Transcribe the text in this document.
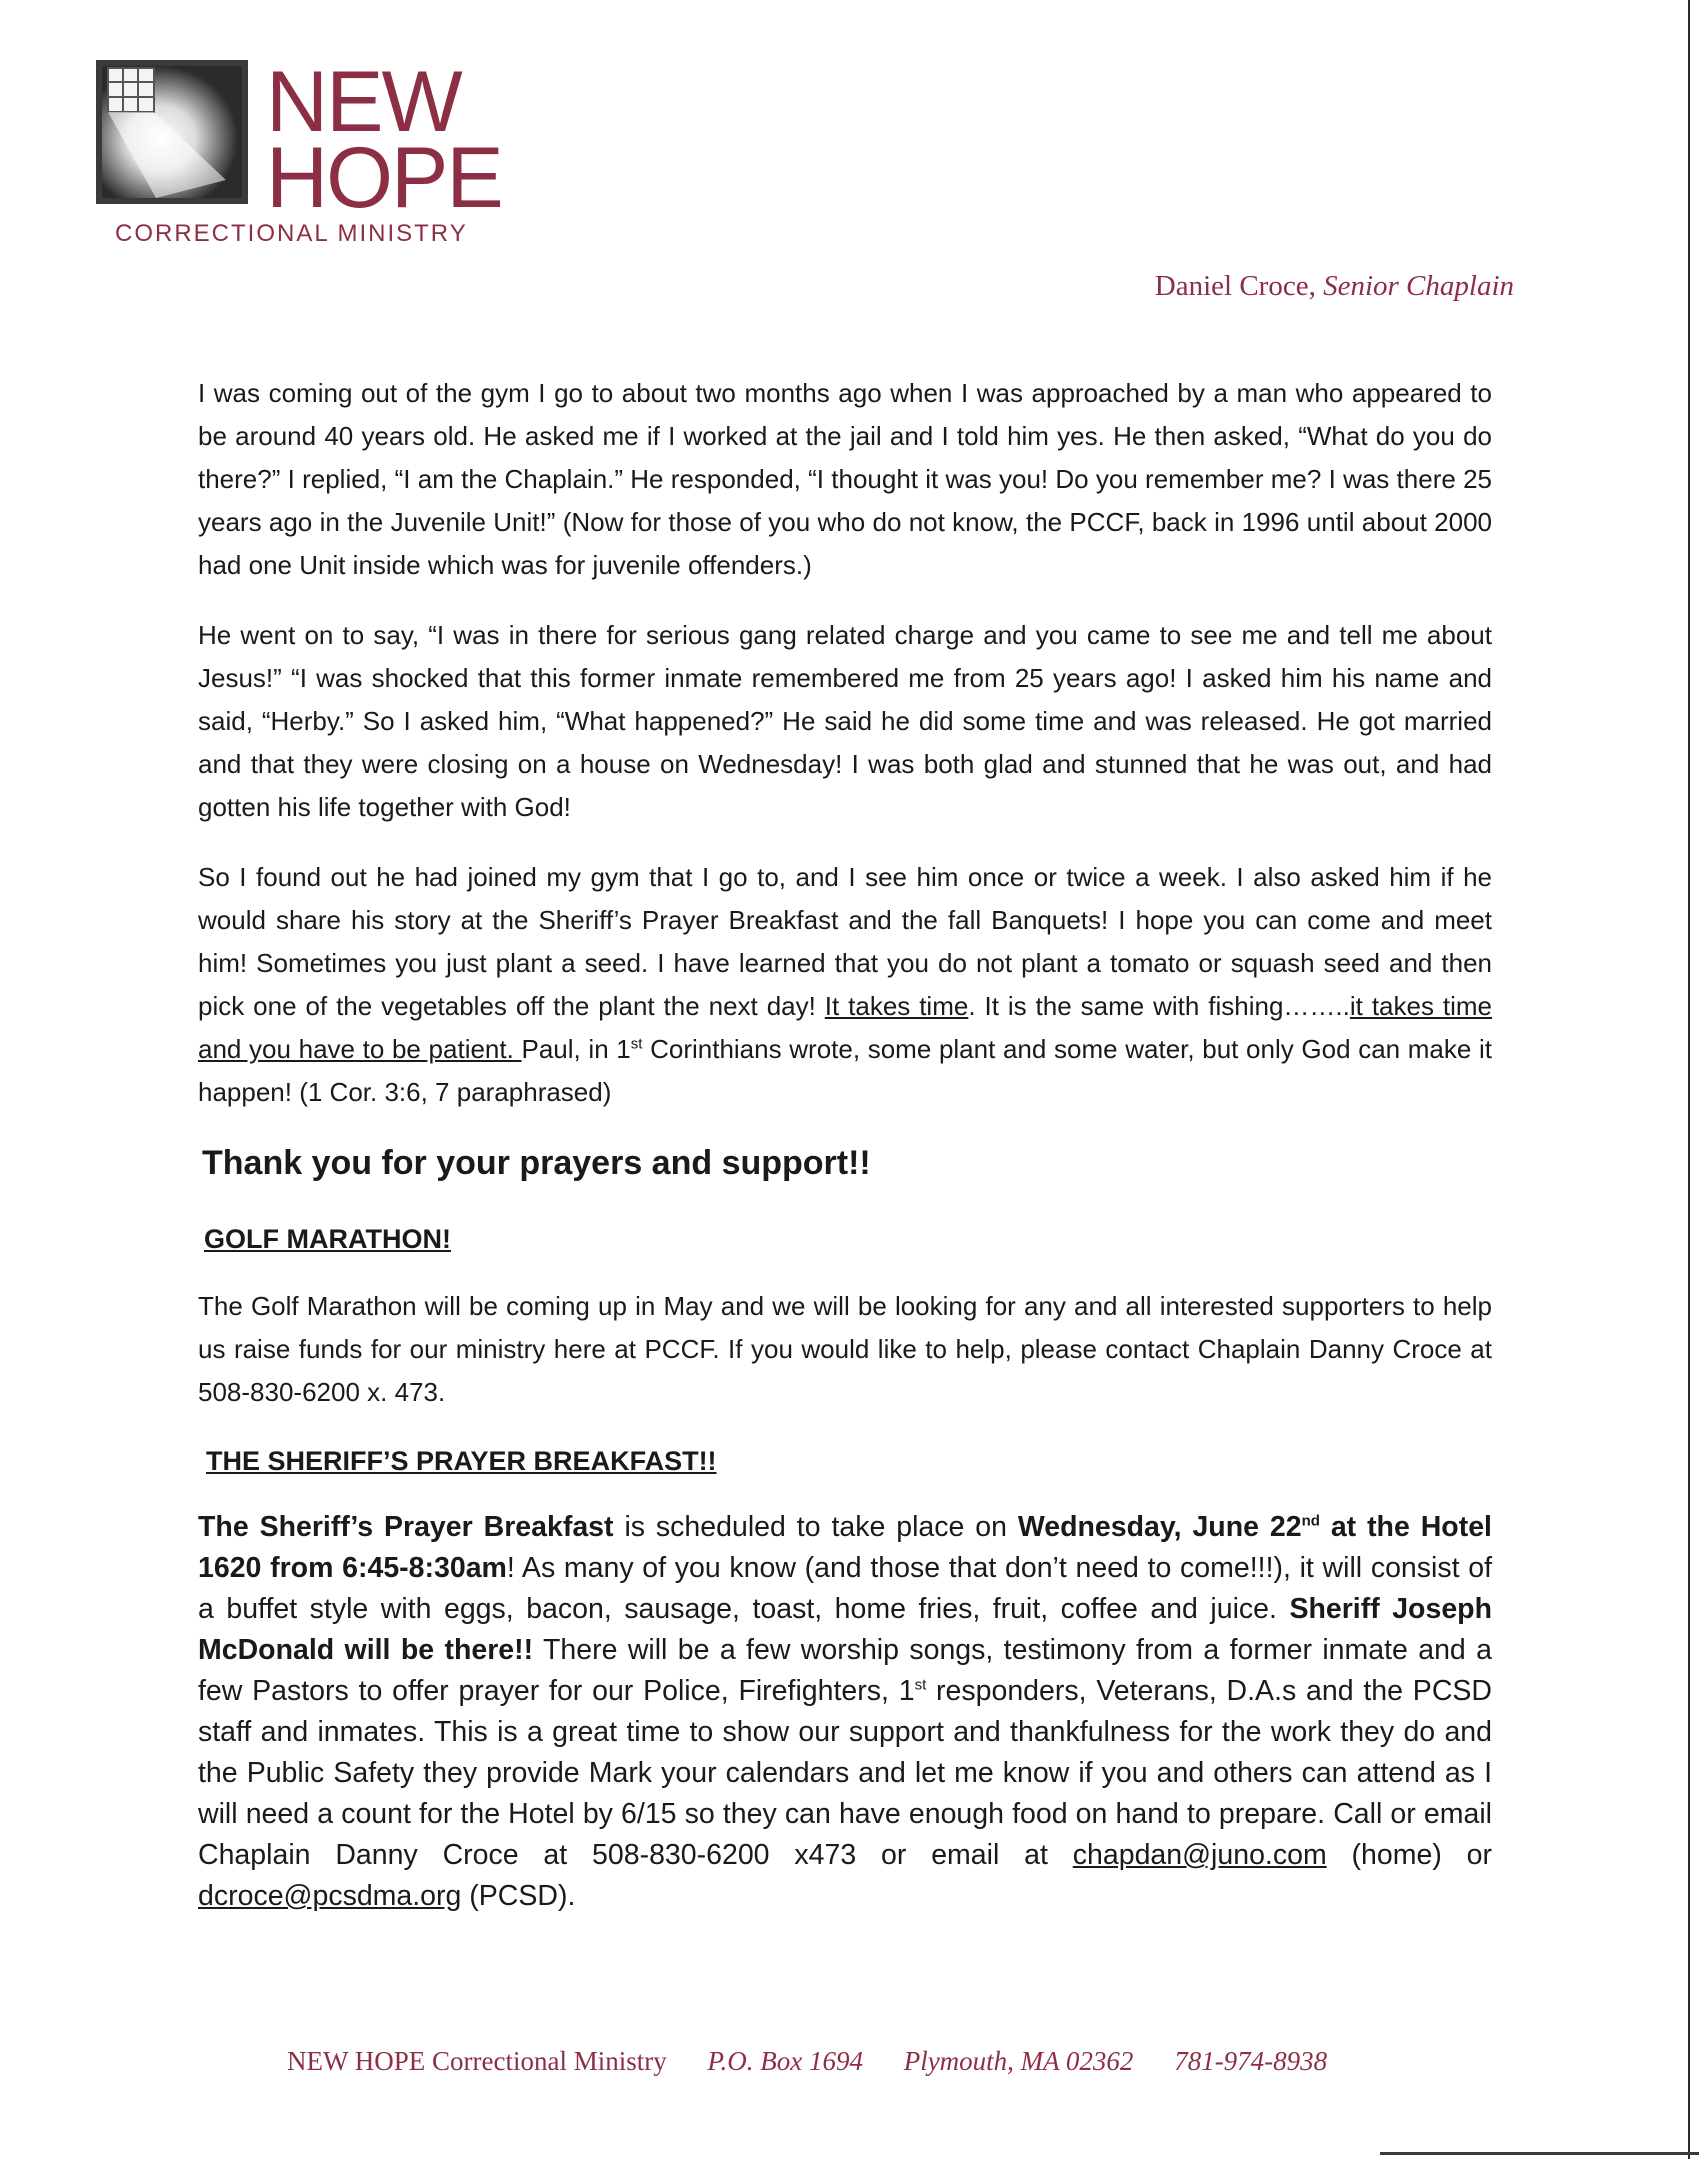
NEW
HOPE
CORRECTIONAL MINISTRY
Daniel Croce, Senior Chaplain

I was coming out of the gym I go to about two months ago when I was approached by a man who appeared to be around 40 years old. He asked me if I worked at the jail and I told him yes. He then asked, “What do you do there?” I replied, “I am the Chaplain.” He responded, “I thought it was you! Do you remember me? I was there 25 years ago in the Juvenile Unit!” (Now for those of you who do not know, the PCCF, back in 1996 until about 2000 had one Unit inside which was for juvenile offenders.)

He went on to say, “I was in there for serious gang related charge and you came to see me and tell me about Jesus!” “I was shocked that this former inmate remembered me from 25 years ago! I asked him his name and said, “Herby.” So I asked him, “What happened?” He said he did some time and was released. He got married and that they were closing on a house on Wednesday! I was both glad and stunned that he was out, and had gotten his life together with God!

So I found out he had joined my gym that I go to, and I see him once or twice a week. I also asked him if he would share his story at the Sheriff’s Prayer Breakfast and the fall Banquets! I hope you can come and meet him! Sometimes you just plant a seed. I have learned that you do not plant a tomato or squash seed and then pick one of the vegetables off the plant the next day! It takes time. It is the same with fishing……..it takes time and you have to be patient. Paul, in 1st Corinthians wrote, some plant and some water, but only God can make it happen! (1 Cor. 3:6, 7 paraphrased)

Thank you for your prayers and support!!
GOLF MARATHON!

The Golf Marathon will be coming up in May and we will be looking for any and all interested supporters to help us raise funds for our ministry here at PCCF. If you would like to help, please contact Chaplain Danny Croce at 508-830-6200 x. 473.

THE SHERIFF’S PRAYER BREAKFAST!!

The Sheriff’s Prayer Breakfast is scheduled to take place on Wednesday, June 22nd at the Hotel 1620 from 6:45-8:30am! As many of you know (and those that don’t need to come!!!), it will consist of a buffet style with eggs, bacon, sausage, toast, home fries, fruit, coffee and juice. Sheriff Joseph McDonald will be there!! There will be a few worship songs, testimony from a former inmate and a few Pastors to offer prayer for our Police, Firefighters, 1st responders, Veterans, D.A.s and the PCSD staff and inmates. This is a great time to show our support and thankfulness for the work they do and the Public Safety they provide Mark your calendars and let me know if you and others can attend as I will need a count for the Hotel by 6/15 so they can have enough food on hand to prepare. Call or email Chaplain Danny Croce at 508-830-6200 x473 or email at chapdan@juno.com (home) or dcroce@pcsdma.org (PCSD).

NEW HOPE Correctional Ministry P.O. Box 1694 Plymouth, MA 02362 781-974-8938
